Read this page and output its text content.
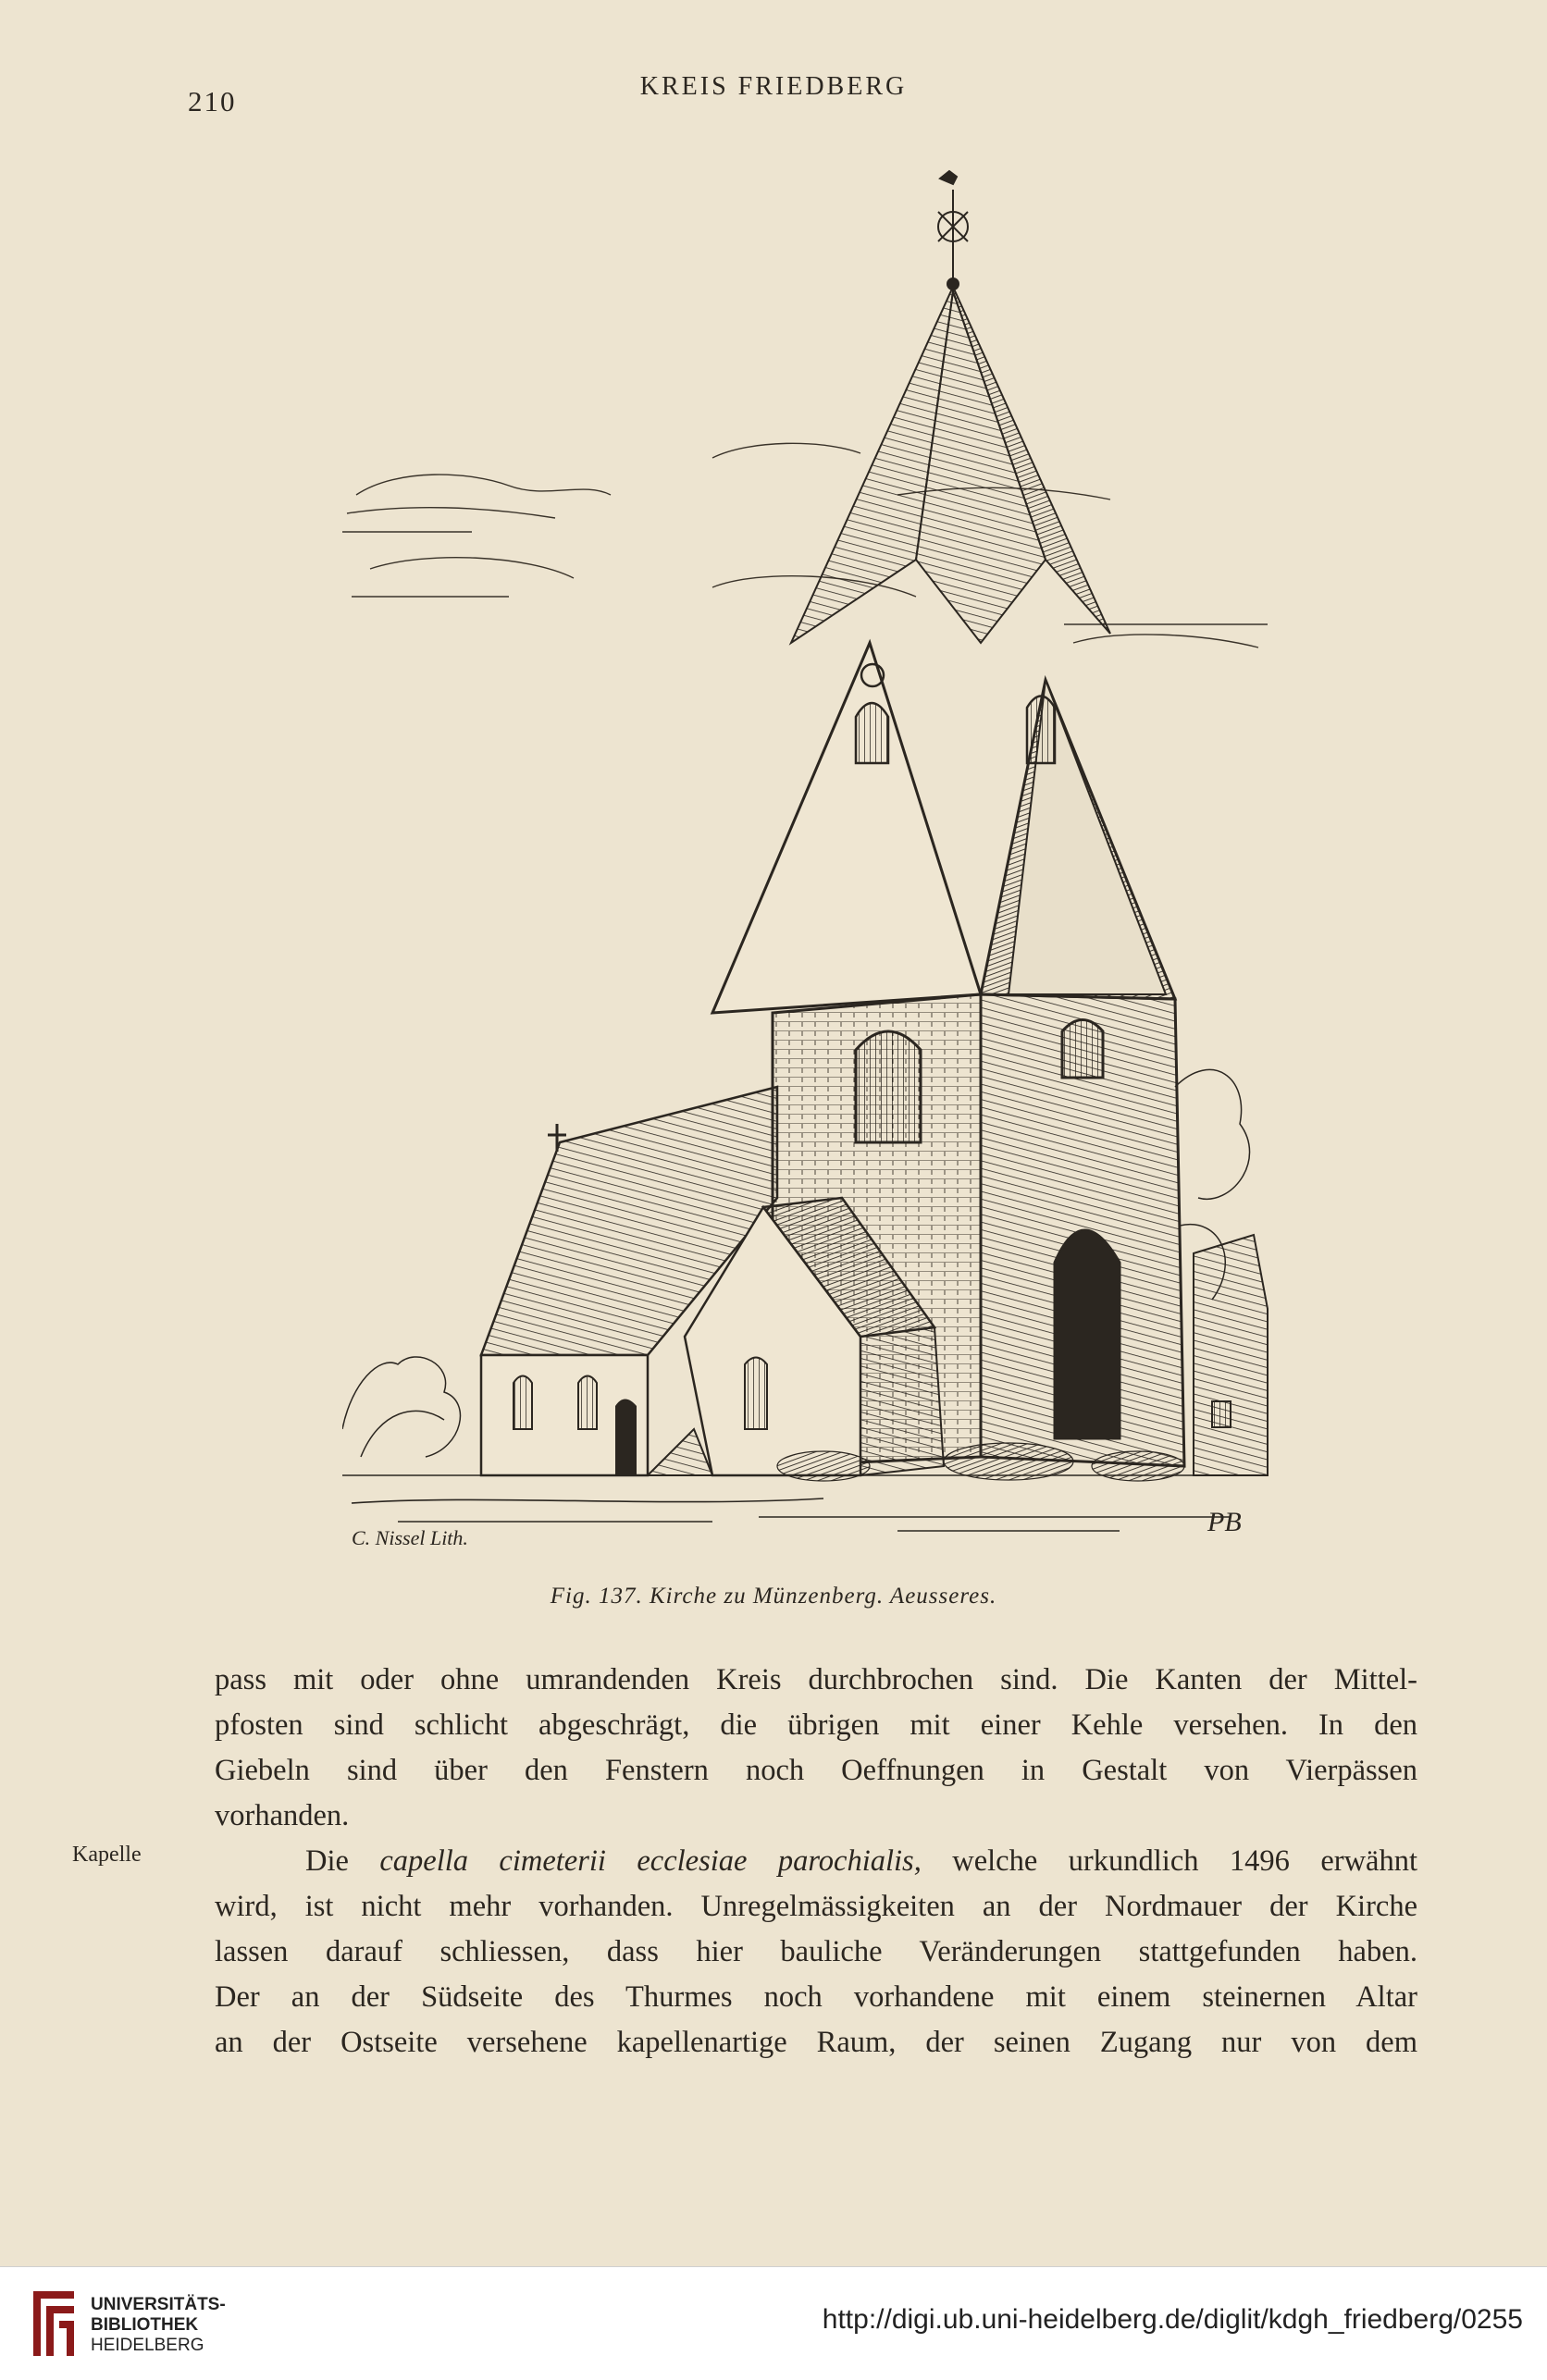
210	KREIS FRIEDBERG
C. Nissel Lith.
PB
Fig. 137. Kirche zu Münzenberg. Aeusseres.
Kapelle
pass mit oder ohne umrandenden Kreis durchbrochen sind. Die Kanten der Mittel-
pfosten sind schlicht abgeschrägt, die übrigen mit einer Kehle versehen. In den
Giebeln sind über den Fenstern noch Oeffnungen in Gestalt von Vierpässen
vorhanden.
Die capella cimeterii ecclesiae parochialis, welche urkundlich 1496 erwähnt
wird, ist nicht mehr vorhanden. Unregelmässigkeiten an der Nordmauer der Kirche
lassen darauf schliessen, dass hier bauliche Veränderungen stattgefunden haben.
Der an der Südseite des Thurmes noch vorhandene mit einem steinernen Altar
an der Ostseite versehene kapellenartige Raum, der seinen Zugang nur von dem
UNIVERSITÄTS-
BIBLIOTHEK
HEIDELBERG
http://digi.ub.uni-heidelberg.de/diglit/kdgh_friedberg/0255
